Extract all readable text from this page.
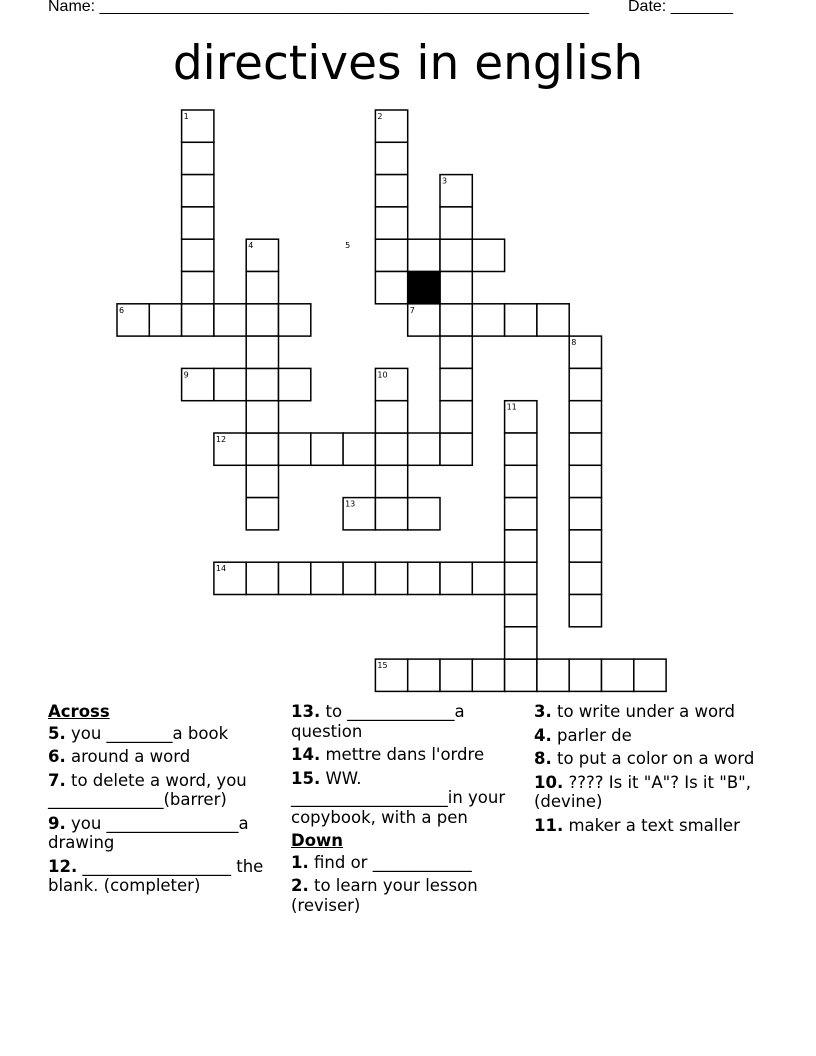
Name: _______________________________________________________ Date: _______
directives in english
1	2
3
4	5
6	7
8
9	10
11
12
13
14
15
Across
5. you ________a book
6. around a word
7. to delete a word, you ______________(barrer)
9. you ________________a drawing
12. __________________ the blank. (completer)
13. to _____________a question
14. mettre dans l'ordre
15. WW. ___________________in your copybook, with a pen
Down
1. find or ____________
2. to learn your lesson (reviser)
3. to write under a word
4. parler de
8. to put a color on a word
10. ???? Is it "A"? Is it "B", (devine)
11. maker a text smaller
